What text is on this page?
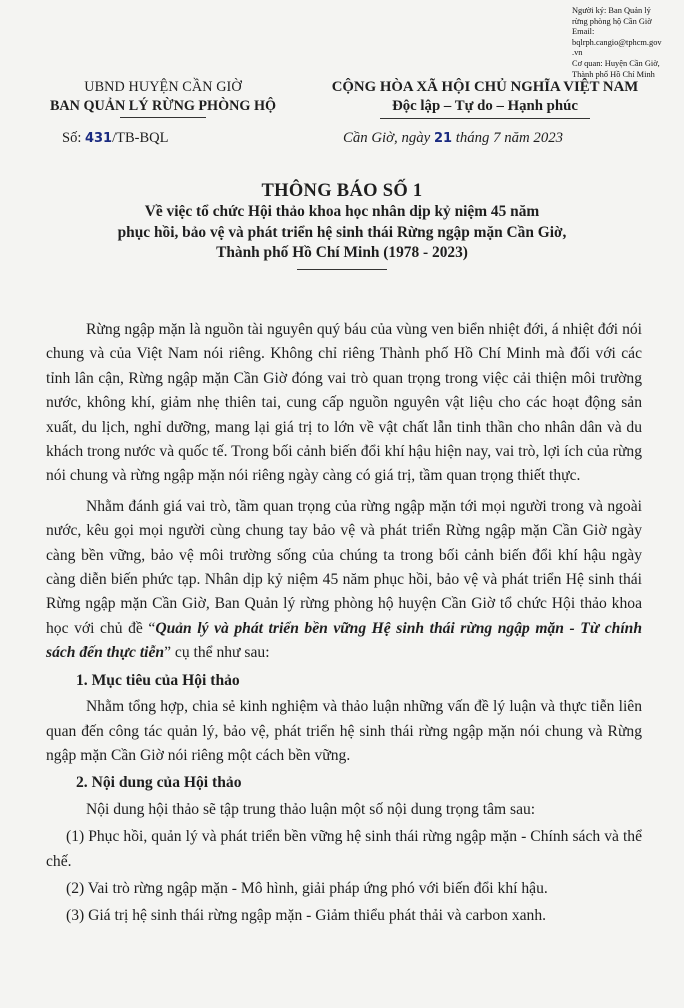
Người ký: Ban Quản lý
rừng phòng hộ Cần Giờ
Email:
bqlrph.cangio@tphcm.gov
.vn
Cơ quan: Huyện Cần Giờ,
Thành phố Hồ Chí Minh
UBND HUYỆN CẦN GIỜ
BAN QUẢN LÝ RỪNG PHÒNG HỘ
CỘNG HÒA XÃ HỘI CHỦ NGHĨA VIỆT NAM
Độc lập – Tự do – Hạnh phúc
Số: 431/TB-BQL	Cần Giờ, ngày 21 tháng 7 năm 2023
THÔNG BÁO SỐ 1
Về việc tổ chức Hội thảo khoa học nhân dịp kỷ niệm 45 năm
phục hồi, bảo vệ và phát triển hệ sinh thái Rừng ngập mặn Cần Giờ,
Thành phố Hồ Chí Minh (1978 - 2023)

Rừng ngập mặn là nguồn tài nguyên quý báu của vùng ven biển nhiệt đới, á nhiệt đới nói chung và của Việt Nam nói riêng. Không chỉ riêng Thành phố Hồ Chí Minh mà đối với các tỉnh lân cận, Rừng ngập mặn Cần Giờ đóng vai trò quan trọng trong việc cải thiện môi trường nước, không khí, giảm nhẹ thiên tai, cung cấp nguồn nguyên vật liệu cho các hoạt động sản xuất, du lịch, nghỉ dưỡng, mang lại giá trị to lớn về vật chất lẫn tinh thần cho nhân dân và du khách trong nước và quốc tế. Trong bối cảnh biến đổi khí hậu hiện nay, vai trò, lợi ích của rừng nói chung và rừng ngập mặn nói riêng ngày càng có giá trị, tầm quan trọng thiết thực.

Nhằm đánh giá vai trò, tầm quan trọng của rừng ngập mặn tới mọi người trong và ngoài nước, kêu gọi mọi người cùng chung tay bảo vệ và phát triển Rừng ngập mặn Cần Giờ ngày càng bền vững, bảo vệ môi trường sống của chúng ta trong bối cảnh biến đổi khí hậu ngày càng diễn biến phức tạp. Nhân dịp kỷ niệm 45 năm phục hồi, bảo vệ và phát triển Hệ sinh thái Rừng ngập mặn Cần Giờ, Ban Quản lý rừng phòng hộ huyện Cần Giờ tổ chức Hội thảo khoa học với chủ đề “Quản lý và phát triển bền vững Hệ sinh thái rừng ngập mặn - Từ chính sách đến thực tiễn” cụ thể như sau:

1. Mục tiêu của Hội thảo

Nhằm tổng hợp, chia sẻ kinh nghiệm và thảo luận những vấn đề lý luận và thực tiễn liên quan đến công tác quản lý, bảo vệ, phát triển hệ sinh thái rừng ngập mặn nói chung và Rừng ngập mặn Cần Giờ nói riêng một cách bền vững.

2. Nội dung của Hội thảo

Nội dung hội thảo sẽ tập trung thảo luận một số nội dung trọng tâm sau:

(1) Phục hồi, quản lý và phát triển bền vững hệ sinh thái rừng ngập mặn - Chính sách và thể chế.

(2) Vai trò rừng ngập mặn - Mô hình, giải pháp ứng phó với biến đổi khí hậu.

(3) Giá trị hệ sinh thái rừng ngập mặn - Giảm thiểu phát thải và carbon xanh.
